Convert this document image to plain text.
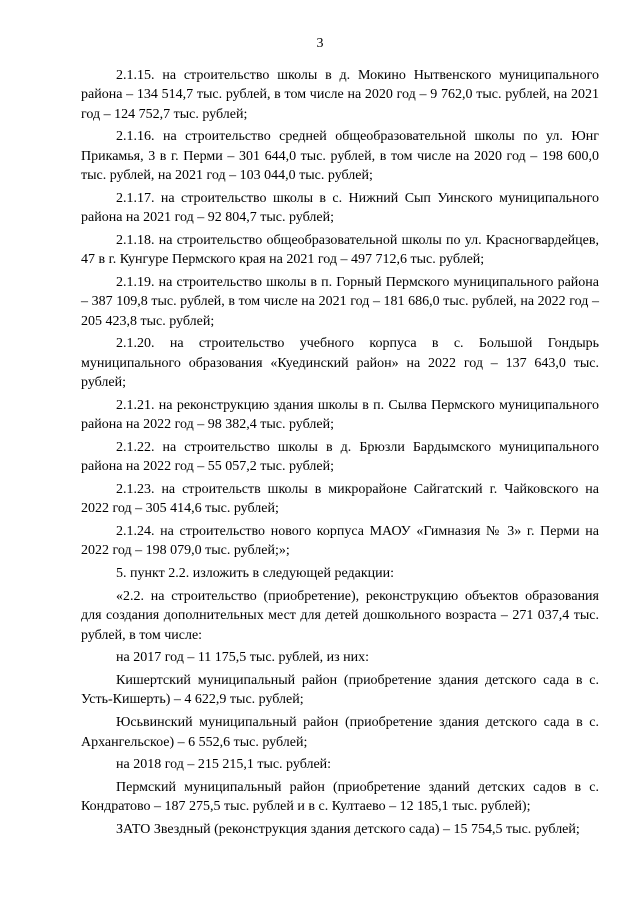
3

2.1.15. на строительство школы в д. Мокино Нытвенского муниципального района – 134 514,7 тыс. рублей, в том числе на 2020 год – 9 762,0 тыс. рублей, на 2021 год – 124 752,7 тыс. рублей;

2.1.16. на строительство средней общеобразовательной школы по ул. Юнг Прикамья, 3 в г. Перми – 301 644,0 тыс. рублей, в том числе на 2020 год – 198 600,0 тыс. рублей, на 2021 год – 103 044,0 тыс. рублей;

2.1.17. на строительство школы в с. Нижний Сып Уинского муниципального района на 2021 год – 92 804,7 тыс. рублей;

2.1.18. на строительство общеобразовательной школы по ул. Красногвардейцев, 47 в г. Кунгуре Пермского края на 2021 год – 497 712,6 тыс. рублей;

2.1.19. на строительство школы в п. Горный Пермского муниципального района – 387 109,8 тыс. рублей, в том числе на 2021 год – 181 686,0 тыс. рублей, на 2022 год – 205 423,8 тыс. рублей;

2.1.20. на строительство учебного корпуса в с. Большой Гондырь муниципального образования «Куединский район» на 2022 год – 137 643,0 тыс. рублей;

2.1.21. на реконструкцию здания школы в п. Сылва Пермского муниципального района на 2022 год – 98 382,4 тыс. рублей;

2.1.22. на строительство школы в д. Брюзли Бардымского муниципального района на 2022 год – 55 057,2 тыс. рублей;

2.1.23. на строительств школы в микрорайоне Сайгатский г. Чайковского на 2022 год – 305 414,6 тыс. рублей;

2.1.24. на строительство нового корпуса МАОУ «Гимназия № 3» г. Перми на 2022 год – 198 079,0 тыс. рублей;»;

5. пункт 2.2. изложить в следующей редакции:

«2.2. на строительство (приобретение), реконструкцию объектов образования для создания дополнительных мест для детей дошкольного возраста – 271 037,4 тыс. рублей, в том числе:

на 2017 год – 11 175,5 тыс. рублей, из них:

Кишертский муниципальный район (приобретение здания детского сада в с. Усть-Кишерть) – 4 622,9 тыс. рублей;

Юсьвинский муниципальный район (приобретение здания детского сада в с. Архангельское) – 6 552,6 тыс. рублей;

на 2018 год – 215 215,1 тыс. рублей:

Пермский муниципальный район (приобретение зданий детских садов в с. Кондратово – 187 275,5 тыс. рублей и в с. Култаево – 12 185,1 тыс. рублей);

ЗАТО Звездный (реконструкция здания детского сада) – 15 754,5 тыс. рублей;
